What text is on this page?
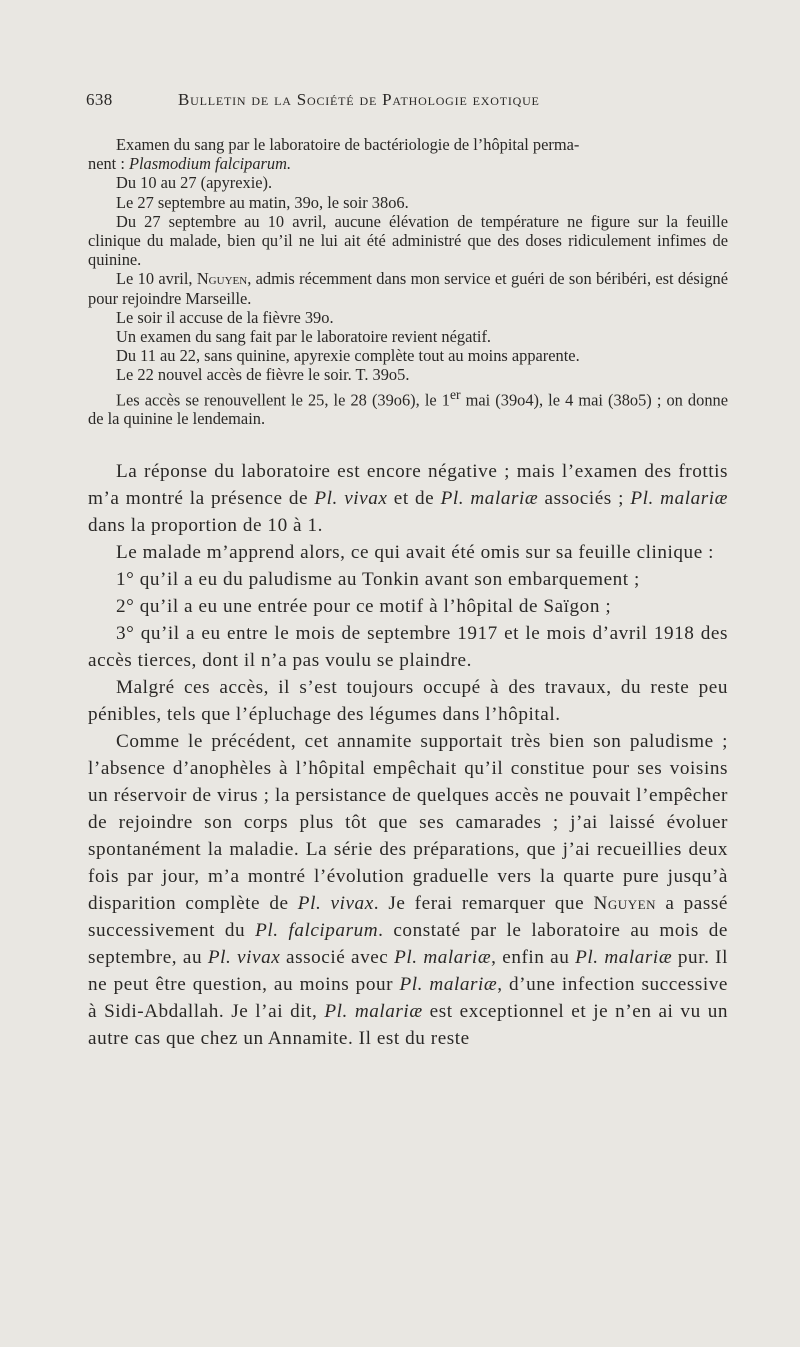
638	Bulletin de la Société de Pathologie exotique

Examen du sang par le laboratoire de bactériologie de l’hôpital perma-
nent : Plasmodium falciparum.

Du 10 au 27 (apyrexie).

Le 27 septembre au matin, 39o, le soir 38o6.

Du 27 septembre au 10 avril, aucune élévation de température ne figure sur la feuille clinique du malade, bien qu’il ne lui ait été administré que des doses ridiculement infimes de quinine.

Le 10 avril, Nguyen, admis récemment dans mon service et guéri de son béribéri, est désigné pour rejoindre Marseille.

Le soir il accuse de la fièvre 39o.

Un examen du sang fait par le laboratoire revient négatif.

Du 11 au 22, sans quinine, apyrexie complète tout au moins apparente.

Le 22 nouvel accès de fièvre le soir. T. 39o5.

Les accès se renouvellent le 25, le 28 (39o6), le 1er mai (39o4), le 4 mai (38o5) ; on donne de la quinine le lendemain.

La réponse du laboratoire est encore négative ; mais l’examen des frottis m’a montré la présence de Pl. vivax et de Pl. malariæ associés ; Pl. malariæ dans la proportion de 10 à 1.

Le malade m’apprend alors, ce qui avait été omis sur sa feuille clinique :

1° qu’il a eu du paludisme au Tonkin avant son embarquement ;

2° qu’il a eu une entrée pour ce motif à l’hôpital de Saïgon ;

3° qu’il a eu entre le mois de septembre 1917 et le mois d’avril 1918 des accès tierces, dont il n’a pas voulu se plaindre.

Malgré ces accès, il s’est toujours occupé à des travaux, du reste peu pénibles, tels que l’épluchage des légumes dans l’hôpital.

Comme le précédent, cet annamite supportait très bien son paludisme ; l’absence d’anophèles à l’hôpital empêchait qu’il constitue pour ses voisins un réservoir de virus ; la persistance de quelques accès ne pouvait l’empêcher de rejoindre son corps plus tôt que ses camarades ; j’ai laissé évoluer spontanément la maladie. La série des préparations, que j’ai recueillies deux fois par jour, m’a montré l’évolution graduelle vers la quarte pure jusqu’à disparition complète de Pl. vivax. Je ferai remarquer que Nguyen a passé successivement du Pl. falciparum. constaté par le laboratoire au mois de septembre, au Pl. vivax associé avec Pl. malariæ, enfin au Pl. malariæ pur. Il ne peut être question, au moins pour Pl. malariæ, d’une infection successive à Sidi-Abdallah. Je l’ai dit, Pl. malariæ est exceptionnel et je n’en ai vu un autre cas que chez un Annamite. Il est du reste
